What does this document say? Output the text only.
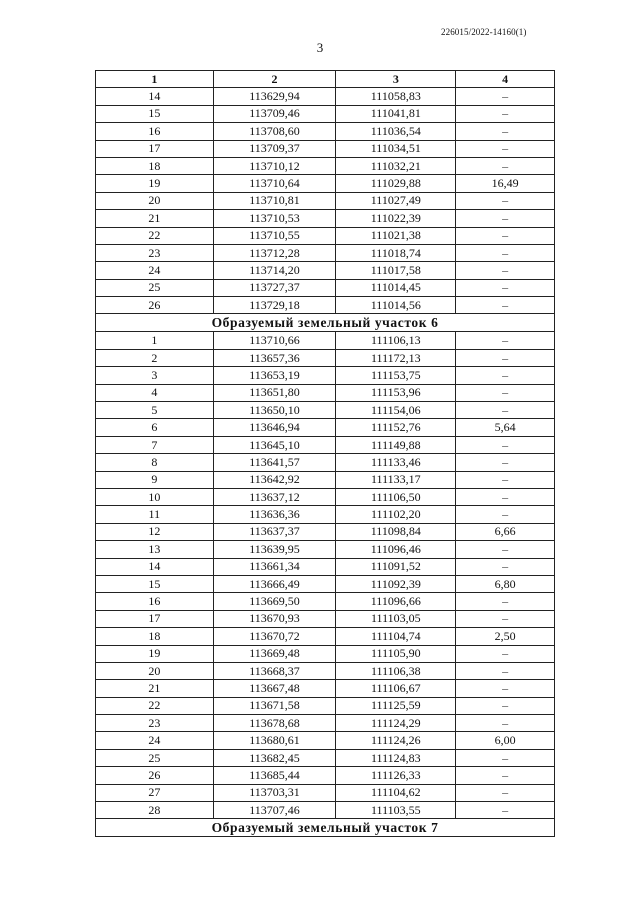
226015/2022-14160(1)
3
1	2	3	4
14	113629,94	111058,83	–
15	113709,46	111041,81	–
16	113708,60	111036,54	–
17	113709,37	111034,51	–
18	113710,12	111032,21	–
19	113710,64	111029,88	16,49
20	113710,81	111027,49	–
21	113710,53	111022,39	–
22	113710,55	111021,38	–
23	113712,28	111018,74	–
24	113714,20	111017,58	–
25	113727,37	111014,45	–
26	113729,18	111014,56	–
Образуемый земельный участок 6			
1	113710,66	111106,13	–
2	113657,36	111172,13	–
3	113653,19	111153,75	–
4	113651,80	111153,96	–
5	113650,10	111154,06	–
6	113646,94	111152,76	5,64
7	113645,10	111149,88	–
8	113641,57	111133,46	–
9	113642,92	111133,17	–
10	113637,12	111106,50	–
11	113636,36	111102,20	–
12	113637,37	111098,84	6,66
13	113639,95	111096,46	–
14	113661,34	111091,52	–
15	113666,49	111092,39	6,80
16	113669,50	111096,66	–
17	113670,93	111103,05	–
18	113670,72	111104,74	2,50
19	113669,48	111105,90	–
20	113668,37	111106,38	–
21	113667,48	111106,67	–
22	113671,58	111125,59	–
23	113678,68	111124,29	–
24	113680,61	111124,26	6,00
25	113682,45	111124,83	–
26	113685,44	111126,33	–
27	113703,31	111104,62	–
28	113707,46	111103,55	–
Образуемый земельный участок 7			
